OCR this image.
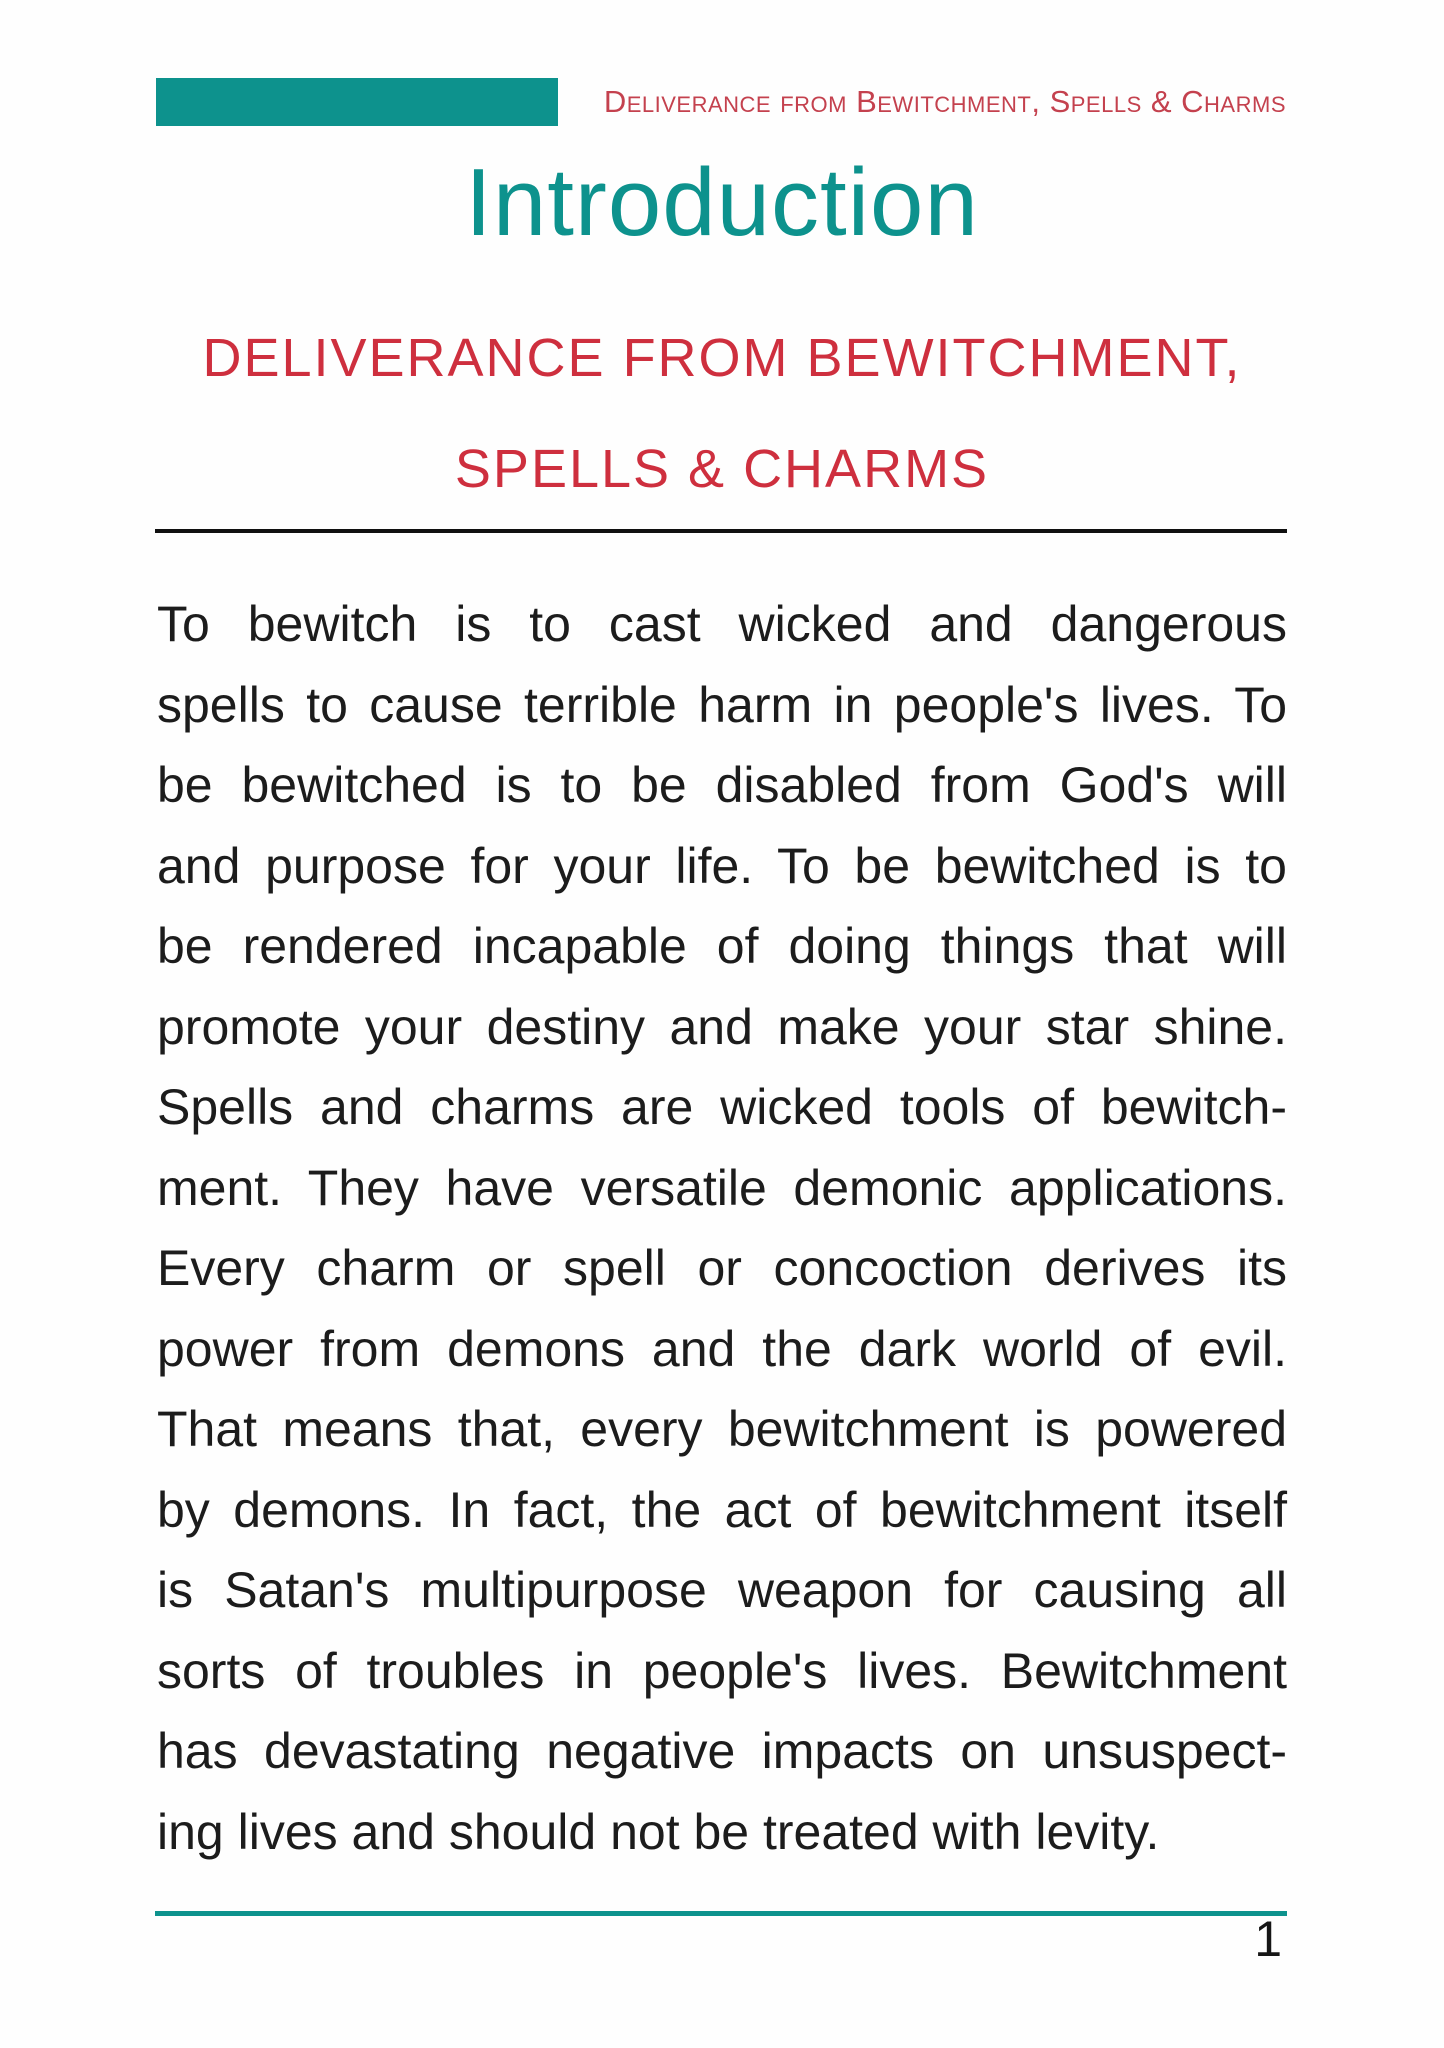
Deliverance from Bewitchment, Spells & Charms
Introduction
DELIVERANCE FROM BEWITCHMENT,
SPELLS & CHARMS
To bewitch is to cast wicked and dangerous
spells to cause terrible harm in people's lives. To
be bewitched is to be disabled from God's will
and purpose for your life. To be bewitched is to
be rendered incapable of doing things that will
promote your destiny and make your star shine.
Spells and charms are wicked tools of bewitch-
ment. They have versatile demonic applications.
Every charm or spell or concoction derives its
power from demons and the dark world of evil.
That means that, every bewitchment is powered
by demons. In fact, the act of bewitchment itself
is Satan's multipurpose weapon for causing all
sorts of troubles in people's lives. Bewitchment
has devastating negative impacts on unsuspect-
ing lives and should not be treated with levity.
1
